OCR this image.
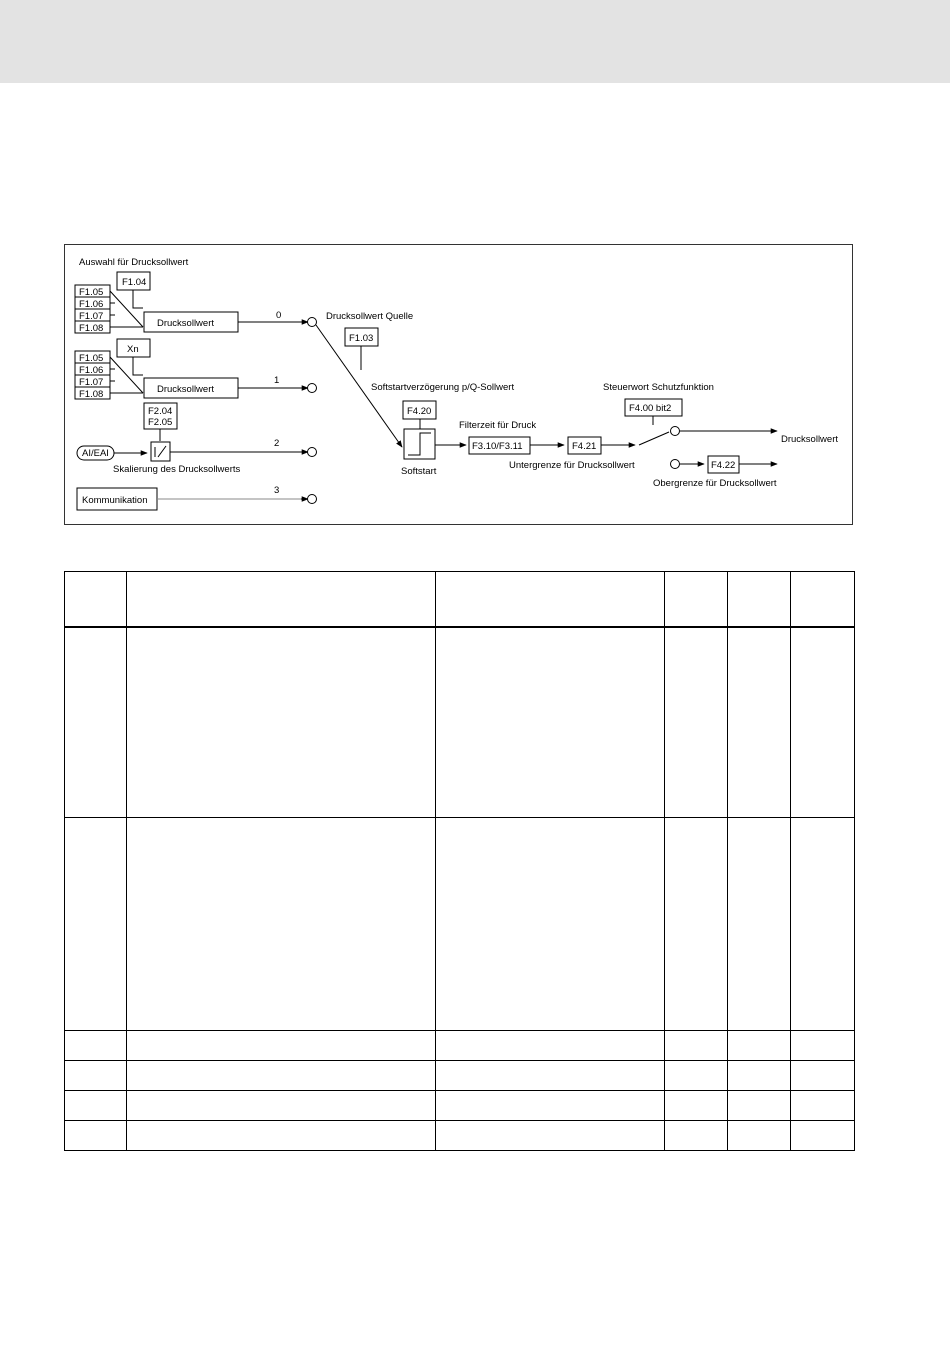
Auswahl für Drucksollwert
F1.04
F1.05
F1.06
F1.07
F1.08	Drucksollwert
0
Xn
F1.05
F1.06
F1.07
F1.08	Drucksollwert
1
F2.04
F2.05
AI/EAI
Skalierung des Drucksollwerts
2
Kommunikation
3
Drucksollwert Quelle
F1.03
Softstartverzögerung p/Q-Sollwert
F4.20
Softstart
Filterzeit für Druck
F3.10/F3.11	F4.21
Untergrenze für Drucksollwert
Steuerwort Schutzfunktion
F4.00 bit2
Drucksollwert
F4.22
Obergrenze für Drucksollwert
